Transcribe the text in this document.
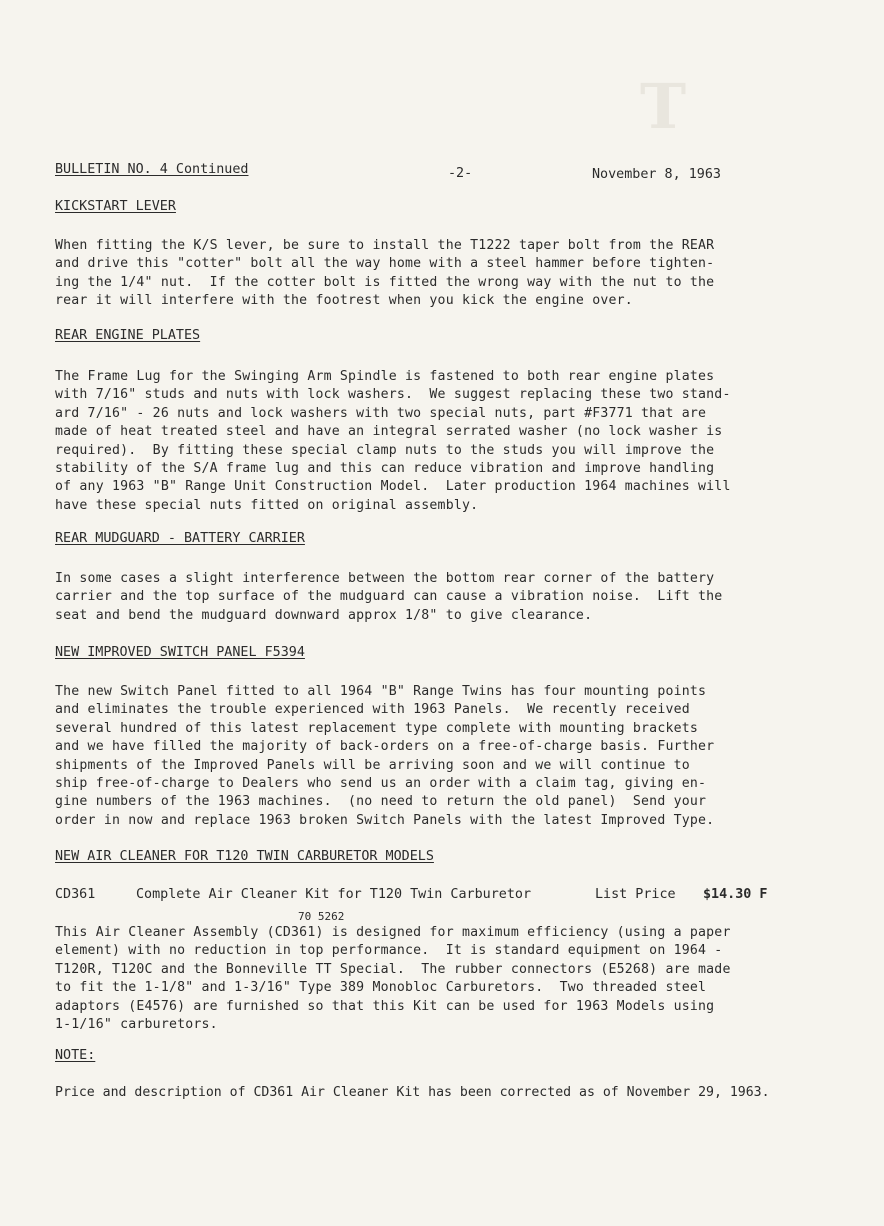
T
BULLETIN NO. 4 Continued	-2-	November 8, 1963
KICKSTART LEVER
When fitting the K/S lever, be sure to install the T1222 taper bolt from the REAR
and drive this "cotter" bolt all the way home with a steel hammer before tighten-
ing the 1/4" nut.  If the cotter bolt is fitted the wrong way with the nut to the
rear it will interfere with the footrest when you kick the engine over.
REAR ENGINE PLATES
The Frame Lug for the Swinging Arm Spindle is fastened to both rear engine plates
with 7/16" studs and nuts with lock washers.  We suggest replacing these two stand-
ard 7/16" - 26 nuts and lock washers with two special nuts, part #F3771 that are
made of heat treated steel and have an integral serrated washer (no lock washer is
required).  By fitting these special clamp nuts to the studs you will improve the
stability of the S/A frame lug and this can reduce vibration and improve handling
of any 1963 "B" Range Unit Construction Model.  Later production 1964 machines will
have these special nuts fitted on original assembly.
REAR MUDGUARD - BATTERY CARRIER
In some cases a slight interference between the bottom rear corner of the battery
carrier and the top surface of the mudguard can cause a vibration noise.  Lift the
seat and bend the mudguard downward approx 1/8" to give clearance.
NEW IMPROVED SWITCH PANEL F5394
The new Switch Panel fitted to all 1964 "B" Range Twins has four mounting points
and eliminates the trouble experienced with 1963 Panels.  We recently received
several hundred of this latest replacement type complete with mounting brackets
and we have filled the majority of back-orders on a free-of-charge basis. Further
shipments of the Improved Panels will be arriving soon and we will continue to
ship free-of-charge to Dealers who send us an order with a claim tag, giving en-
gine numbers of the 1963 machines.  (no need to return the old panel)  Send your
order in now and replace 1963 broken Switch Panels with the latest Improved Type.
NEW AIR CLEANER FOR T120 TWIN CARBURETOR MODELS
CD361	Complete Air Cleaner Kit for T120 Twin Carburetor	List Price $14.30 F
70 5262
This Air Cleaner Assembly (CD361) is designed for maximum efficiency (using a paper
element) with no reduction in top performance.  It is standard equipment on 1964 -
T120R, T120C and the Bonneville TT Special.  The rubber connectors (E5268) are made
to fit the 1-1/8" and 1-3/16" Type 389 Monobloc Carburetors.  Two threaded steel
adaptors (E4576) are furnished so that this Kit can be used for 1963 Models using
1-1/16" carburetors.
NOTE:
Price and description of CD361 Air Cleaner Kit has been corrected as of November 29, 1963.
